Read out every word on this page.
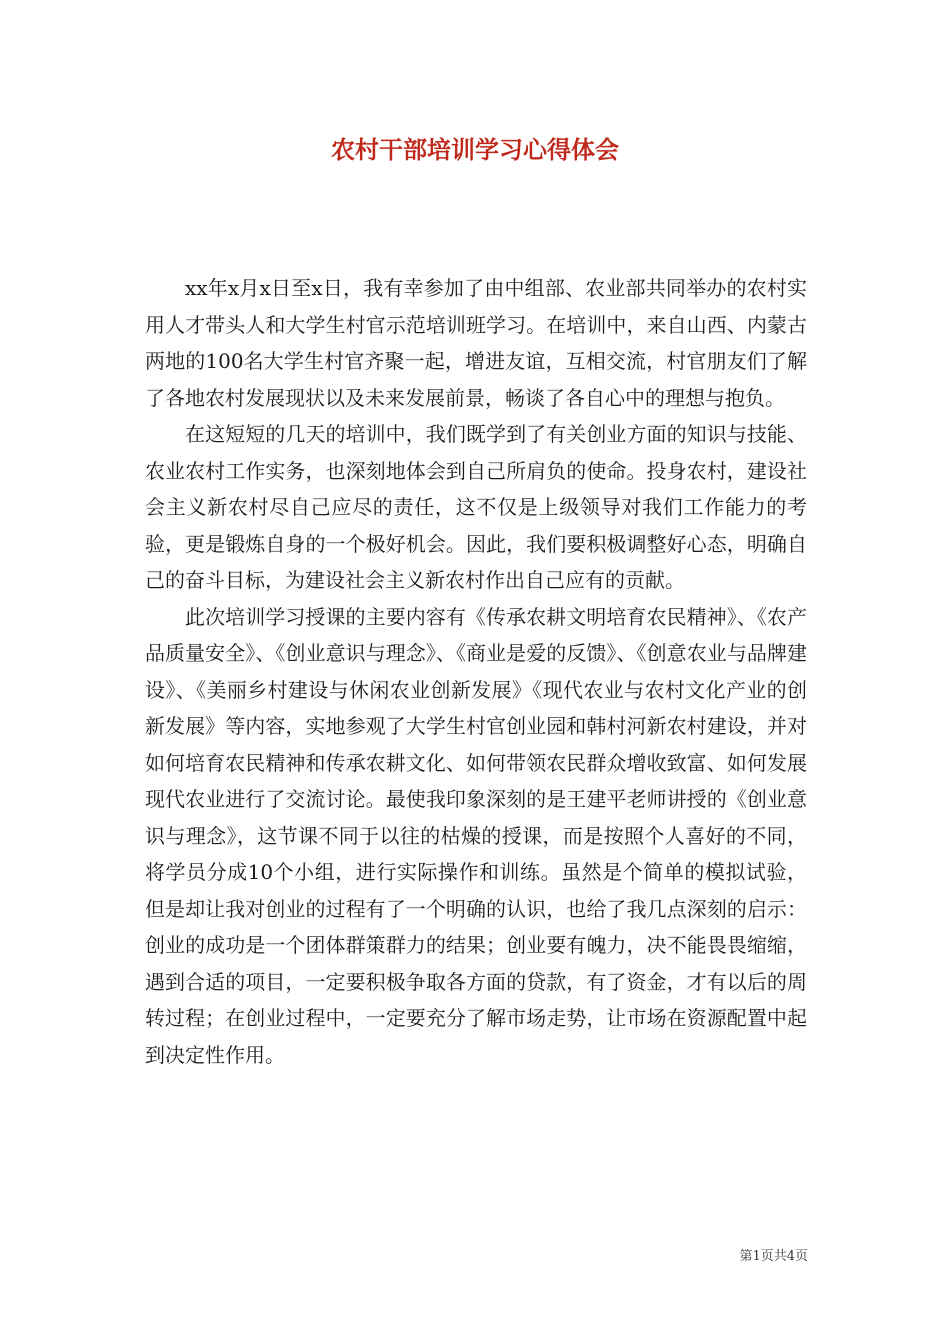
农村干部培训学习心得体会

xx年x月x日至x日，我有幸参加了由中组部、农业部共同举办的农村实用人才带头人和大学生村官示范培训班学习。在培训中，来自山西、内蒙古两地的100名大学生村官齐聚一起，增进友谊，互相交流，村官朋友们了解了各地农村发展现状以及未来发展前景，畅谈了各自心中的理想与抱负。

在这短短的几天的培训中，我们既学到了有关创业方面的知识与技能、农业农村工作实务，也深刻地体会到自己所肩负的使命。投身农村，建设社会主义新农村尽自己应尽的责任，这不仅是上级领导对我们工作能力的考验，更是锻炼自身的一个极好机会。因此，我们要积极调整好心态，明确自己的奋斗目标，为建设社会主义新农村作出自己应有的贡献。

此次培训学习授课的主要内容有《传承农耕文明培育农民精神》、《农产品质量安全》、《创业意识与理念》、《商业是爱的反馈》、《创意农业与品牌建设》、《美丽乡村建设与休闲农业创新发展》《现代农业与农村文化产业的创新发展》等内容，实地参观了大学生村官创业园和韩村河新农村建设，并对如何培育农民精神和传承农耕文化、如何带领农民群众增收致富、如何发展现代农业进行了交流讨论。最使我印象深刻的是王建平老师讲授的《创业意识与理念》，这节课不同于以往的枯燥的授课，而是按照个人喜好的不同，将学员分成10个小组，进行实际操作和训练。虽然是个简单的模拟试验，但是却让我对创业的过程有了一个明确的认识，也给了我几点深刻的启示：创业的成功是一个团体群策群力的结果；创业要有魄力，决不能畏畏缩缩，遇到合适的项目，一定要积极争取各方面的贷款，有了资金，才有以后的周转过程；在创业过程中，一定要充分了解市场走势，让市场在资源配置中起到决定性作用。

第1页共4页
